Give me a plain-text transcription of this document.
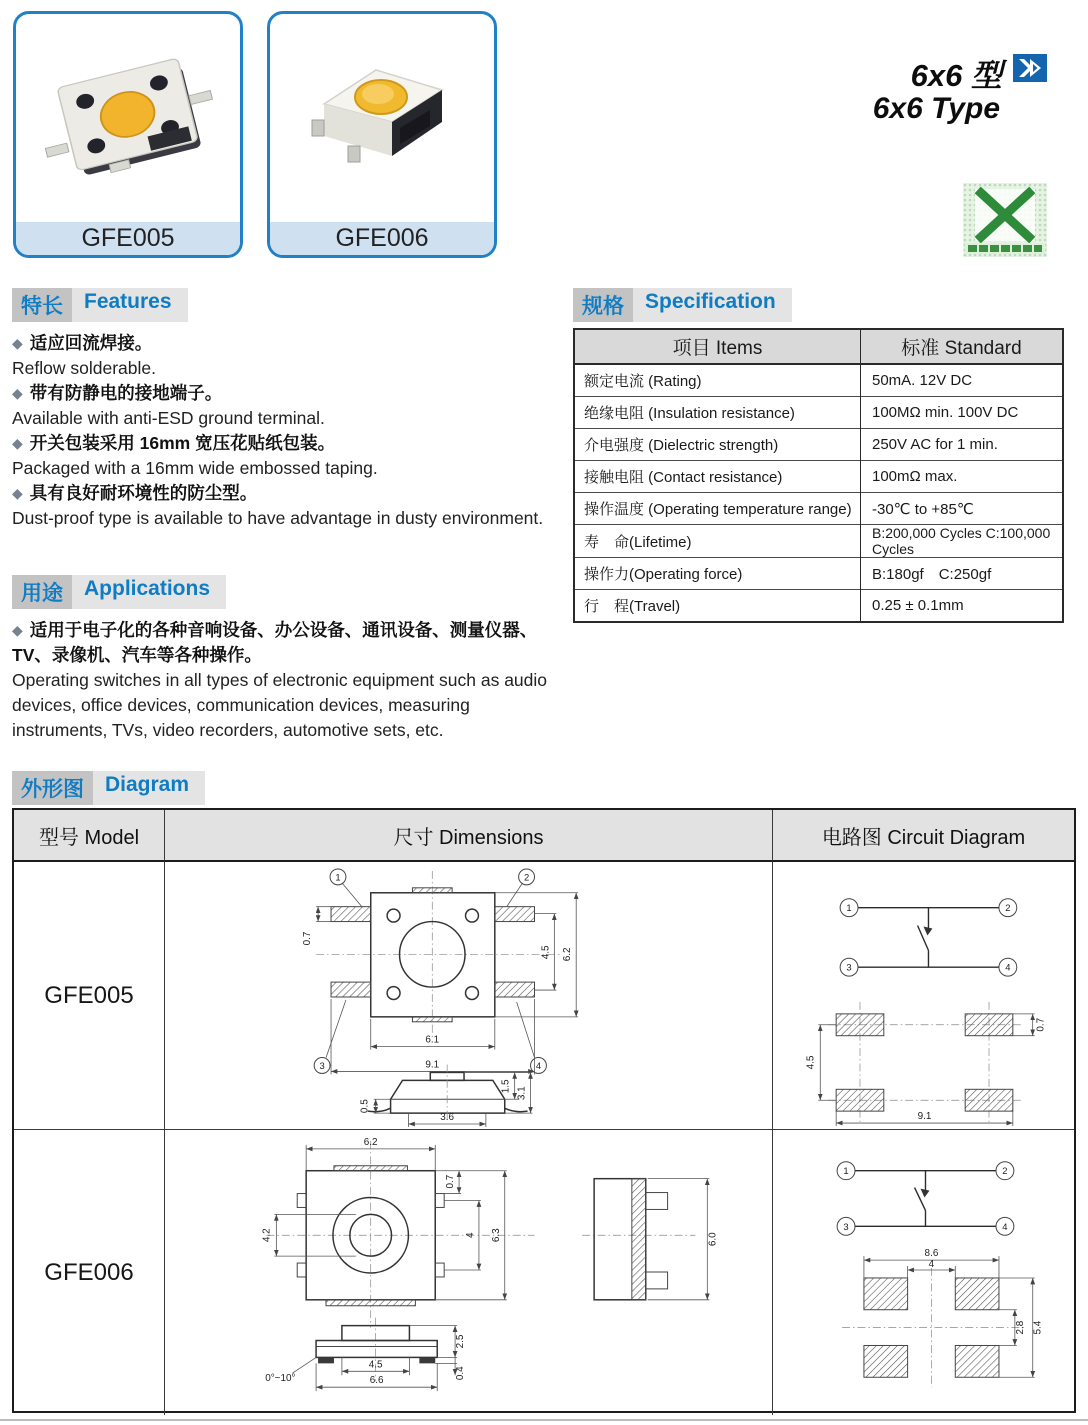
GFE005	GFE006
6x6 型
6x6 Type
特长	Features
◆ 适应回流焊接。
Reflow solderable.
◆ 带有防静电的接地端子。
Available with anti-ESD ground terminal.
◆ 开关包装采用 16mm 宽压花贴纸包装。
Packaged with a 16mm wide embossed taping.
◆ 具有良好耐环境性的防尘型。
Dust-proof type is available to have advantage in dusty environment.
规格	Specification
项目 Items	标准 Standard
额定电流 (Rating)	50mA. 12V DC
绝缘电阻 (Insulation resistance)	100MΩ min. 100V DC
介电强度 (Dielectric strength)	250V AC for 1 min.
接触电阻 (Contact resistance)	100mΩ max.
操作温度 (Operating temperature range)	-30℃ to +85℃
寿　命(Lifetime)	B:200,000 Cycles C:100,000 Cycles
操作力(Operating force)	B:180gf　C:250gf
行　程(Travel)	0.25 ± 0.1mm
用途	Applications
◆ 适用于电子化的各种音响设备、办公设备、通讯设备、测量仪器、TV、录像机、汽车等各种操作。
Operating switches in all types of electronic equipment such as audio devices, office devices, communication devices, measuring instruments, TVs, video recorders, automotive sets, etc.
外形图	Diagram
型号 Model	尺寸 Dimensions	电路图 Circuit Diagram
GFE005
1	2
3	4
6.1
9.1
4.5 6.2
0.7
3.6
0.5
1.5
3.1
1	2
3	4
4.5
9.1
0.7
GFE006
6.2
0.7
4 6.3
4.2	6.0
4.5
6.6
2.5
0.4
0°~10°
1	2
3	4
8.6
4
2.8 5.4
